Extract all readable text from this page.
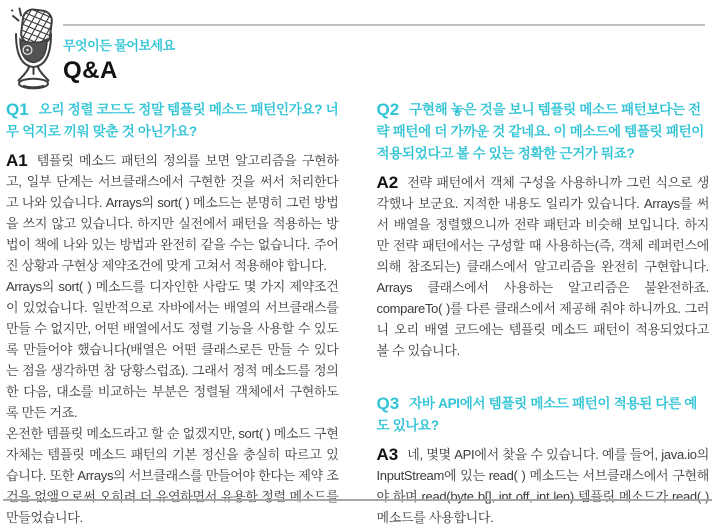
무엇이든 물어보세요
Q&A

Q1 오리 정렬 코드도 정말 템플릿 메소드 패턴인가요? 너무 억지로 끼워 맞춘 것 아닌가요?

A1 템플릿 메소드 패턴의 정의를 보면 알고리즘을 구현하고, 일부 단계는 서브클래스에서 구현한 것을 써서 처리한다고 나와 있습니다. Arrays의 sort( ) 메소드는 분명히 그런 방법을 쓰지 않고 있습니다. 하지만 실전에서 패턴을 적용하는 방법이 책에 나와 있는 방법과 완전히 같을 수는 없습니다. 주어진 상황과 구현상 제약조건에 맞게 고쳐서 적용해야 합니다.

Arrays의 sort( ) 메소드를 디자인한 사람도 몇 가지 제약조건이 있었습니다. 일반적으로 자바에서는 배열의 서브클래스를 만들 수 없지만, 어떤 배열에서도 정렬 기능을 사용할 수 있도록 만들어야 했습니다(배열은 어떤 클래스로든 만들 수 있다는 점을 생각하면 참 당황스럽죠). 그래서 정적 메소드를 정의한 다음, 대소를 비교하는 부분은 정렬될 객체에서 구현하도록 만든 거죠.

온전한 템플릿 메소드라고 할 순 없겠지만, sort( ) 메소드 구현 자체는 템플릿 메소드 패턴의 기본 정신을 충실히 따르고 있습니다. 또한 Arrays의 서브클래스를 만들어야 한다는 제약 조건을 없앰으로써 오히려 더 유연하면서 유용한 정렬 메소드를 만들었습니다.

Q2 구현해 놓은 것을 보니 템플릿 메소드 패턴보다는 전략 패턴에 더 가까운 것 같네요. 이 메소드에 템플릿 패턴이 적용되었다고 볼 수 있는 정확한 근거가 뭐죠?

A2 전략 패턴에서 객체 구성을 사용하니까 그런 식으로 생각했나 보군요. 지적한 내용도 일리가 있습니다. Arrays를 써서 배열을 정렬했으니까 전략 패턴과 비슷해 보입니다. 하지만 전략 패턴에서는 구성할 때 사용하는(즉, 객체 레퍼런스에 의해 참조되는) 클래스에서 알고리즘을 완전히 구현합니다. Arrays 클래스에서 사용하는 알고리즘은 불완전하죠. compareTo( )를 다른 클래스에서 제공해 줘야 하니까요. 그러니 오리 배열 코드에는 템플릿 메소드 패턴이 적용되었다고 볼 수 있습니다.

Q3 자바 API에서 템플릿 메소드 패턴이 적용된 다른 예도 있나요?

A3 네, 몇몇 API에서 찾을 수 있습니다. 예를 들어, java.io의 InputStream에 있는 read( ) 메소드는 서브클래스에서 구현해야 하며 read(byte b[], int off, int len) 템플릿 메소드가 read( ) 메소드를 사용합니다.
